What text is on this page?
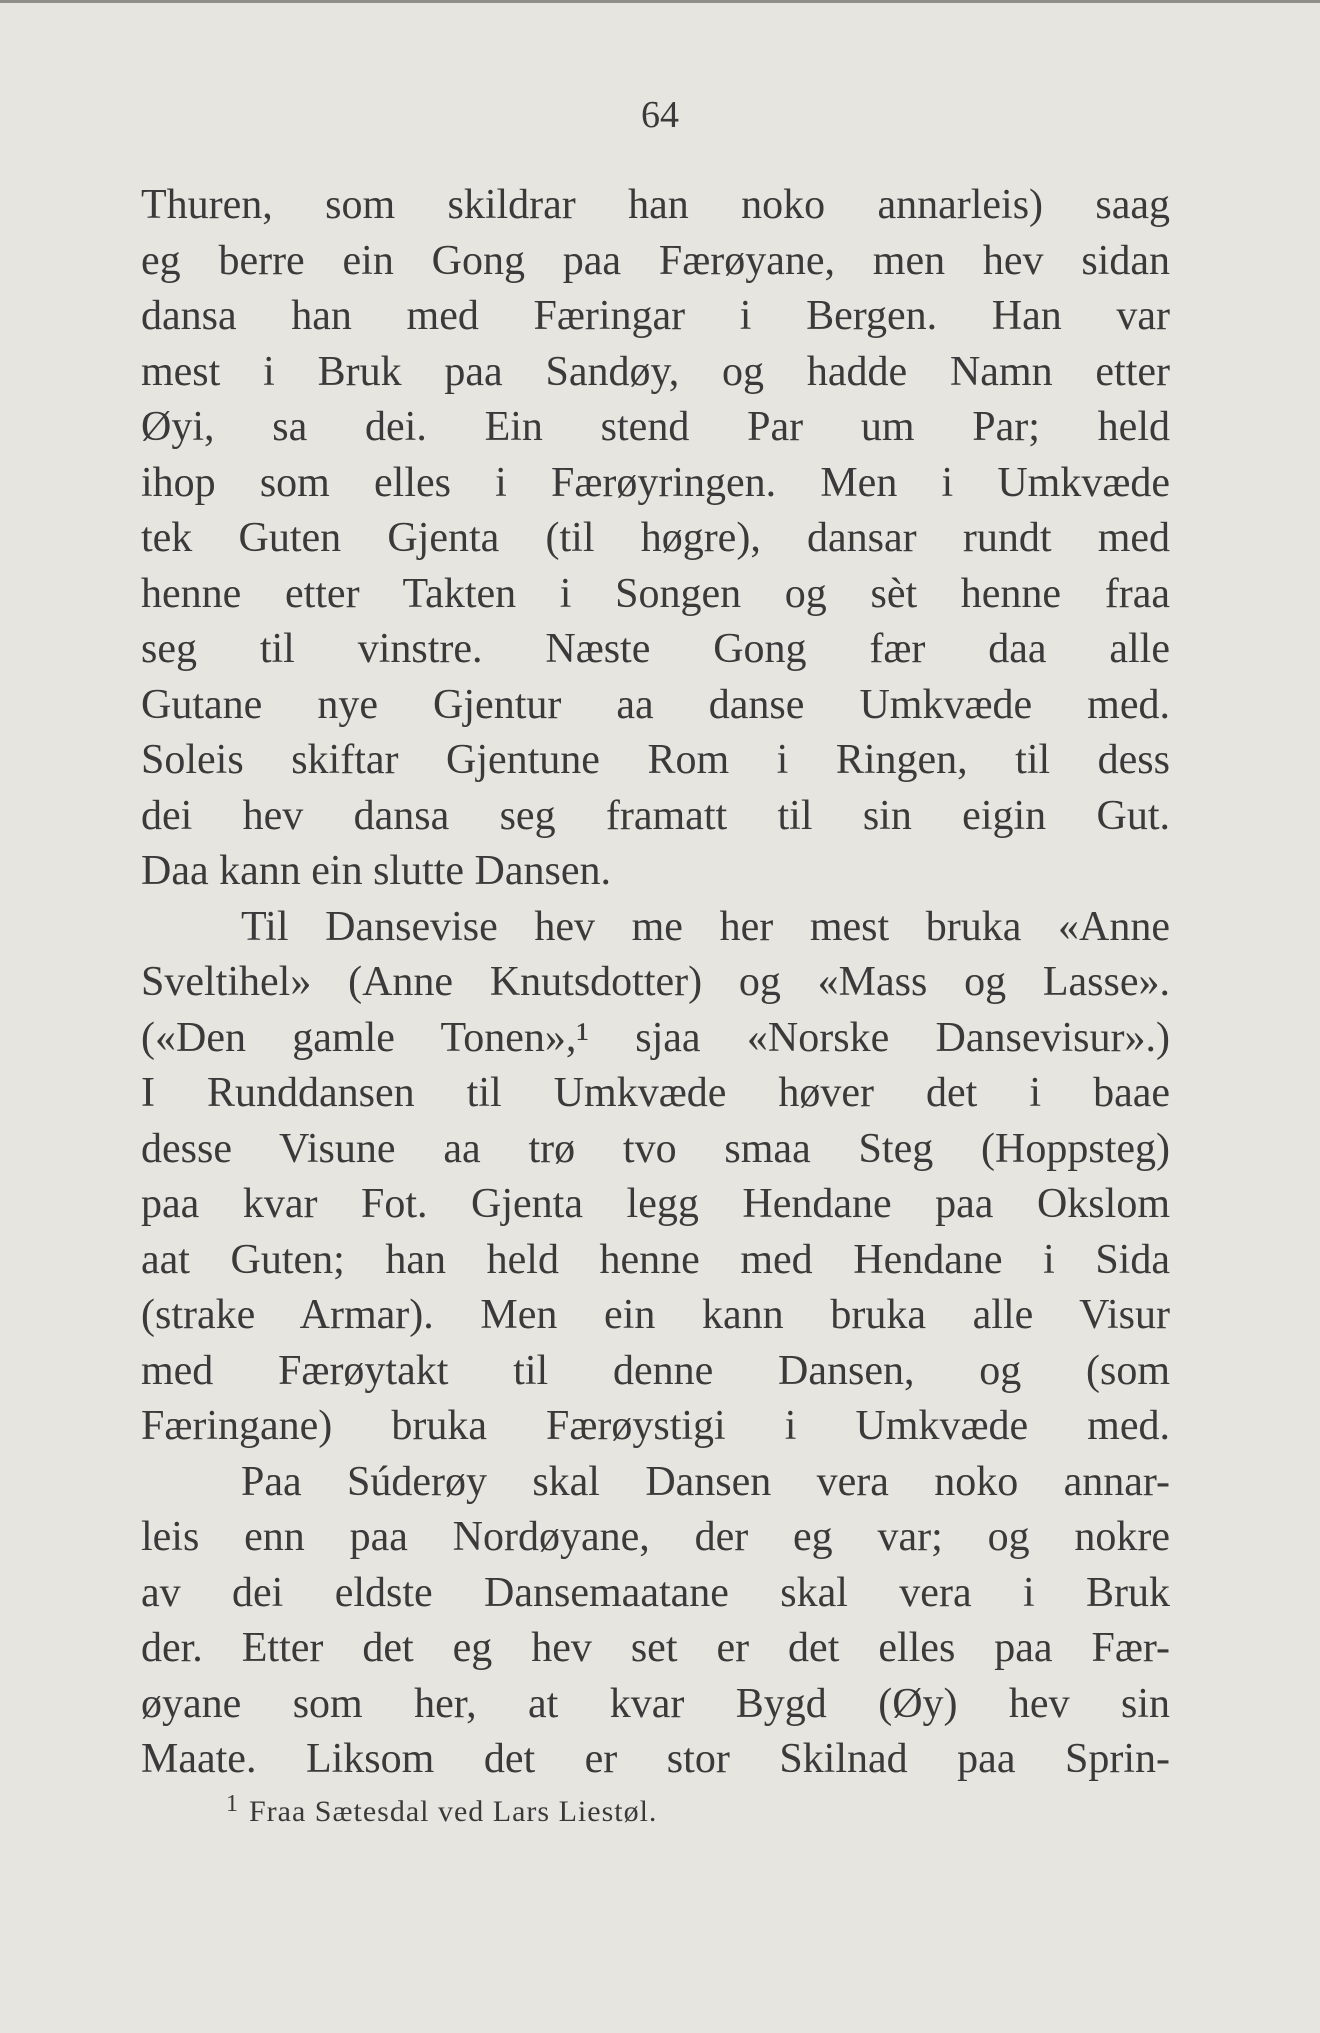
64
Thuren, som skildrar han noko annarleis) saag
eg berre ein Gong paa Færøyane, men hev sidan
dansa han med Færingar i Bergen. Han var
mest i Bruk paa Sandøy, og hadde Namn etter
Øyi, sa dei. Ein stend Par um Par; held
ihop som elles i Færøyringen. Men i Umkvæde
tek Guten Gjenta (til høgre), dansar rundt med
henne etter Takten i Songen og sèt henne fraa
seg til vinstre. Næste Gong fær daa alle
Gutane nye Gjentur aa danse Umkvæde med.
Soleis skiftar Gjentune Rom i Ringen, til dess
dei hev dansa seg framatt til sin eigin Gut.
Daa kann ein slutte Dansen.
Til Dansevise hev me her mest bruka «Anne
Sveltihel» (Anne Knutsdotter) og «Mass og Lasse».
(«Den gamle Tonen»,¹ sjaa «Norske Dansevisur».)
I Runddansen til Umkvæde høver det i baae
desse Visune aa trø tvo smaa Steg (Hoppsteg)
paa kvar Fot. Gjenta legg Hendane paa Okslom
aat Guten; han held henne med Hendane i Sida
(strake Armar). Men ein kann bruka alle Visur
med Færøytakt til denne Dansen, og (som
Færingane) bruka Færøystigi i Umkvæde med.
Paa Súderøy skal Dansen vera noko annar-
leis enn paa Nordøyane, der eg var; og nokre
av dei eldste Dansemaatane skal vera i Bruk
der. Etter det eg hev set er det elles paa Fær-
øyane som her, at kvar Bygd (Øy) hev sin
Maate. Liksom det er stor Skilnad paa Sprin-
$^1$ Fraa Sætesdal ved Lars Liestøl.
